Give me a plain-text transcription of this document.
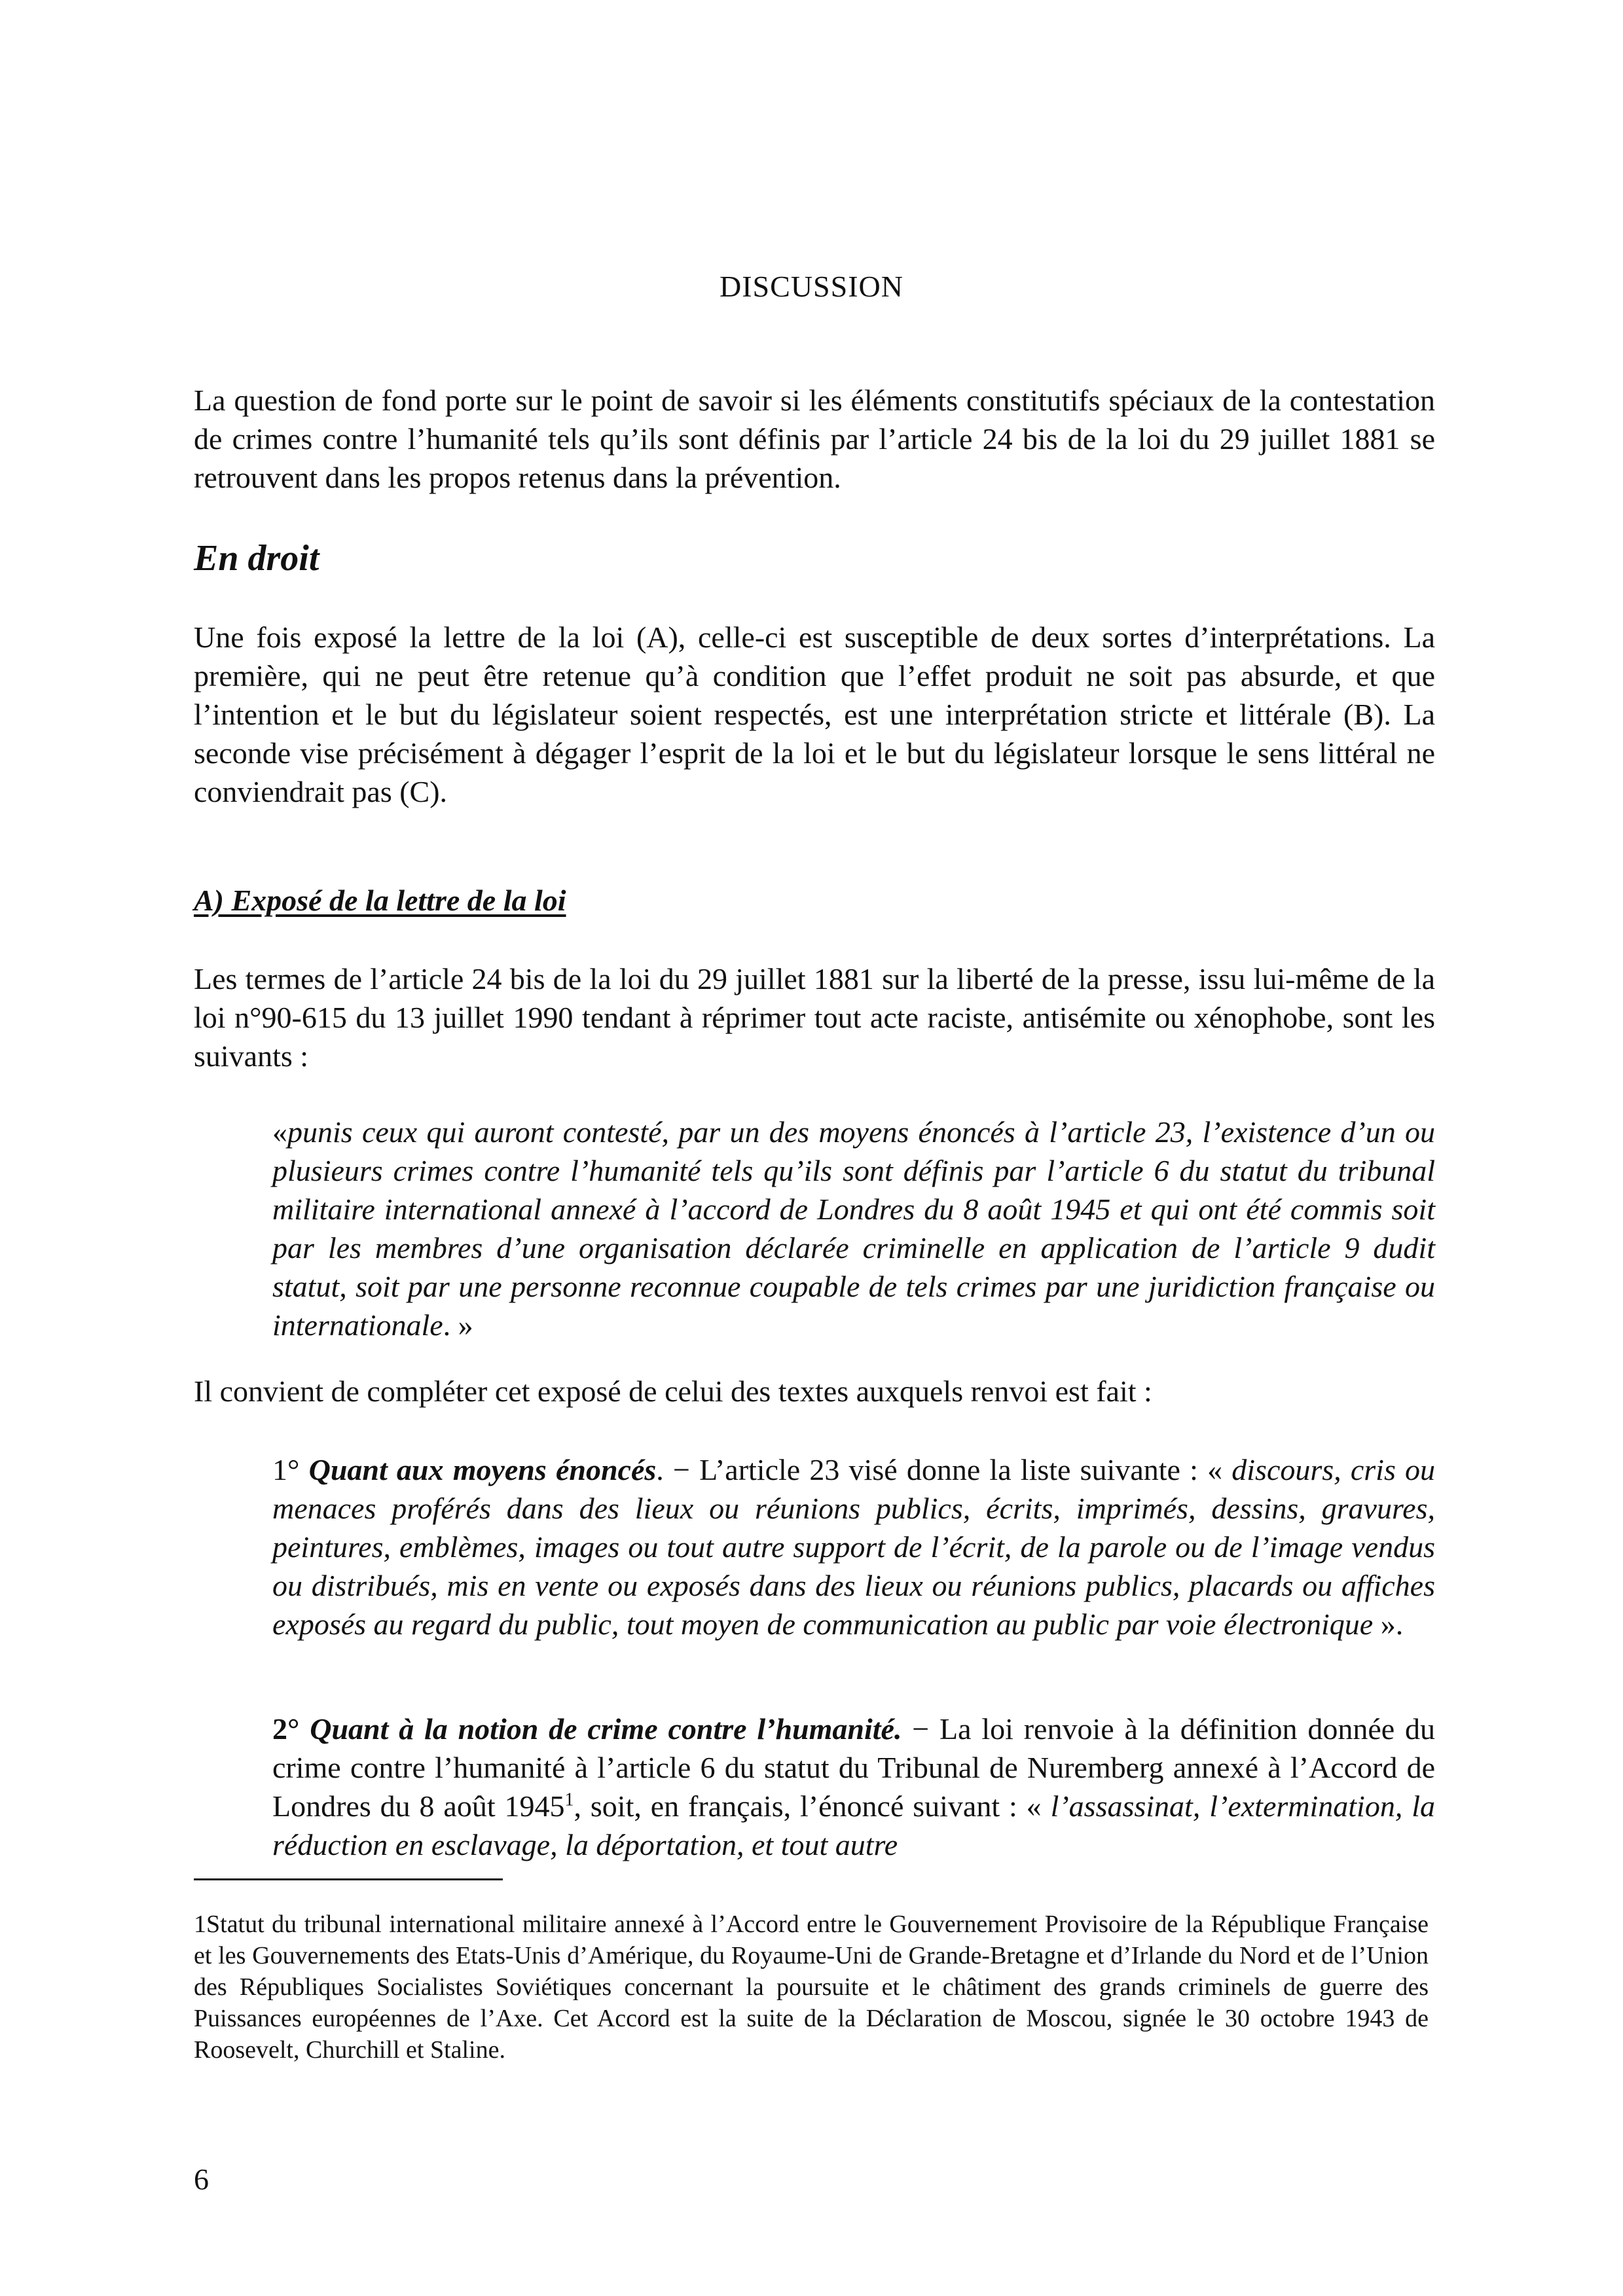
DISCUSSION

La question de fond porte sur le point de savoir si les éléments constitutifs spéciaux de la contestation de crimes contre l’humanité tels qu’ils sont définis par l’article 24 bis de la loi du 29 juillet 1881 se retrouvent dans les propos retenus dans la prévention.

En droit

Une fois exposé la lettre de la loi (A), celle-ci est susceptible de deux sortes d’interprétations. La première, qui ne peut être retenue qu’à condition que l’effet produit ne soit pas absurde, et que l’intention et le but du législateur soient respectés, est une interprétation stricte et littérale (B). La seconde vise précisément à dégager l’esprit de la loi et le but du législateur lorsque le sens littéral ne conviendrait pas (C).

A) Exposé de la lettre de la loi

Les termes de l’article 24 bis de la loi du 29 juillet 1881 sur la liberté de la presse, issu lui-même de la loi n°90-615 du 13 juillet 1990 tendant à réprimer tout acte raciste, antisémite ou xénophobe, sont les suivants :

«punis ceux qui auront contesté, par un des moyens énoncés à l’article 23, l’existence d’un ou plusieurs crimes contre l’humanité tels qu’ils sont définis par l’article 6 du statut du tribunal militaire international annexé à l’accord de Londres du 8 août 1945 et qui ont été commis soit par les membres d’une organisation déclarée criminelle en application de l’article 9 dudit statut, soit par une personne reconnue coupable de tels crimes par une juridiction française ou internationale. »

Il convient de compléter cet exposé de celui des textes auxquels renvoi est fait :

1° Quant aux moyens énoncés. − L’article 23 visé donne la liste suivante : « discours, cris ou menaces proférés dans des lieux ou réunions publics, écrits, imprimés, dessins, gravures, peintures, emblèmes, images ou tout autre support de l’écrit, de la parole ou de l’image vendus ou distribués, mis en vente ou exposés dans des lieux ou réunions publics, placards ou affiches exposés au regard du public, tout moyen de communication au public par voie électronique ».

2° Quant à la notion de crime contre l’humanité. − La loi renvoie à la définition donnée du crime contre l’humanité à l’article 6 du statut du Tribunal de Nuremberg annexé à l’Accord de Londres du 8 août 1945$^1$, soit, en français, l’énoncé suivant : « l’assassinat, l’extermination, la réduction en esclavage, la déportation, et tout autre

1Statut du tribunal international militaire annexé à l’Accord entre le Gouvernement Provisoire de la République Française et les Gouvernements des Etats-Unis d’Amérique, du Royaume-Uni de Grande-Bretagne et d’Irlande du Nord et de l’Union des Républiques Socialistes Soviétiques concernant la poursuite et le châtiment des grands criminels de guerre des Puissances européennes de l’Axe. Cet Accord est la suite de la Déclaration de Moscou, signée le 30 octobre 1943 de Roosevelt, Churchill et Staline.

6
